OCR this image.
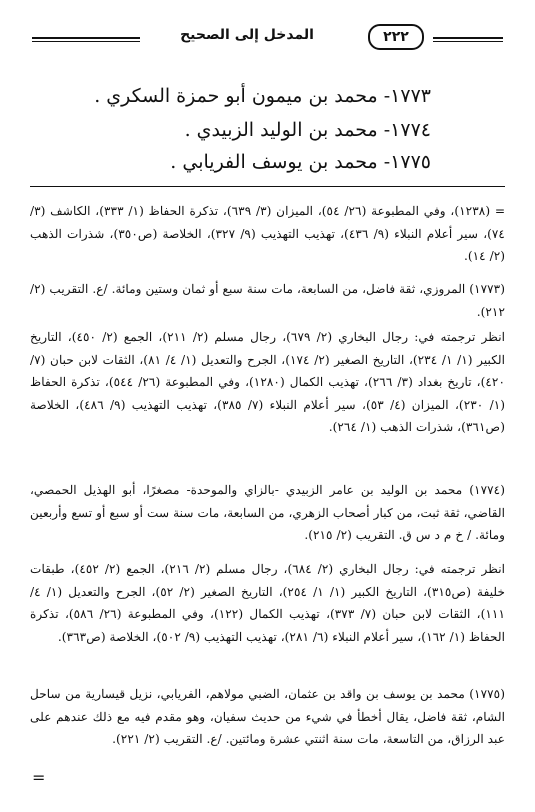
٢٢٢
المدخل إلى الصحيح
١٧٧٣- محمد بن ميمون أبو حمزة السكري .
١٧٧٤- محمد بن الوليد الزبيدي .
١٧٧٥- محمد بن يوسف الفريابي .
= (١٢٣٨)، وفي المطبوعة (٢٦/ ٥٤)، الميزان (٣/ ٦٣٩)، تذكرة الحفاظ (١/ ٣٣٣)، الكاشف (٣/ ٧٤)، سير أعلام النبلاء (٩/ ٤٣٦)، تهذيب التهذيب (٩/ ٣٢٧)، الخلاصة (ص٣٥٠)، شذرات الذهب (٢/ ١٤).
(١٧٧٣) المروزي، ثقة فاضل، من السابعة، مات سنة سبع أو ثمان وستين ومائة. /ع. التقريب (٢/ ٢١٢).
انظر ترجمته في: رجال البخاري (٢/ ٦٧٩)، رجال مسلم (٢/ ٢١١)، الجمع (٢/ ٤٥٠)، التاريخ الكبير (١/ ١/ ٢٣٤)، التاريخ الصغير (٢/ ١٧٤)، الجرح والتعديل (١/ ٤/ ٨١)، الثقات لابن حبان (٧/ ٤٢٠)، تاريخ بغداد (٣/ ٢٦٦)، تهذيب الكمال (١٢٨٠)، وفي المطبوعة (٢٦/ ٥٤٤)، تذكرة الحفاظ (١/ ٢٣٠)، الميزان (٤/ ٥٣)، سير أعلام النبلاء (٧/ ٣٨٥)، تهذيب التهذيب (٩/ ٤٨٦)، الخلاصة (ص٣٦١)، شذرات الذهب (١/ ٢٦٤).
(١٧٧٤) محمد بن الوليد بن عامر الزبيدي -بالزاي والموحدة- مصغرًا، أبو الهذيل الحمصي، القاضي، ثقة ثبت، من كبار أصحاب الزهري، من السابعة، مات سنة ست أو سبع أو تسع وأربعين ومائة. / خ م د س ق. التقريب (٢/ ٢١٥).
انظر ترجمته في: رجال البخاري (٢/ ٦٨٤)، رجال مسلم (٢/ ٢١٦)، الجمع (٢/ ٤٥٢)، طبقات خليفة (ص٣١٥)، التاريخ الكبير (١/ ١/ ٢٥٤)، التاريخ الصغير (٢/ ٥٢)، الجرح والتعديل (١/ ٤/ ١١١)، الثقات لابن حبان (٧/ ٣٧٣)، تهذيب الكمال (١٢٢)، وفي المطبوعة (٢٦/ ٥٨٦)، تذكرة الحفاظ (١/ ١٦٢)، سير أعلام النبلاء (٦/ ٢٨١)، تهذيب التهذيب (٩/ ٥٠٢)، الخلاصة (ص٣٦٣).
(١٧٧٥) محمد بن يوسف بن واقد بن عثمان، الضبي مولاهم، الفريابي، نزيل قيسارية من ساحل الشام، ثقة فاضل، يقال أخطأ في شيء من حديث سفيان، وهو مقدم فيه مع ذلك عندهم على عبد الرزاق، من التاسعة، مات سنة اثنتي عشرة ومائتين. /ع. التقريب (٢/ ٢٢١).
=
